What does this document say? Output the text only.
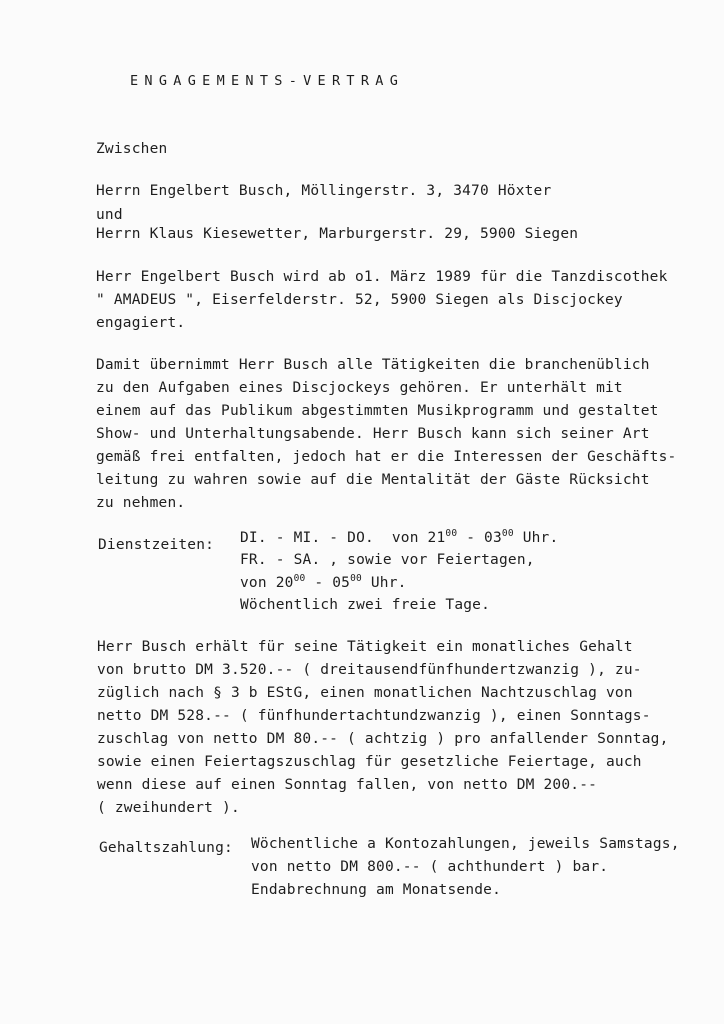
ENGAGEMENTS-VERTRAG
Zwischen
Herrn Engelbert Busch, Möllingerstr. 3, 3470 Höxter
und
Herrn Klaus Kiesewetter, Marburgerstr. 29, 5900 Siegen
Herr Engelbert Busch wird ab o1. März 1989 für die Tanzdiscothek
" AMADEUS ", Eiserfelderstr. 52, 5900 Siegen als Discjockey
engagiert.
Damit übernimmt Herr Busch alle Tätigkeiten die branchenüblich
zu den Aufgaben eines Discjockeys gehören. Er unterhält mit
einem auf das Publikum abgestimmten Musikprogramm und gestaltet
Show- und Unterhaltungsabende. Herr Busch kann sich seiner Art
gemäß frei entfalten, jedoch hat er die Interessen der Geschäfts-
leitung zu wahren sowie auf die Mentalität der Gäste Rücksicht
zu nehmen.
Dienstzeiten: DI. - MI. - DO. von $21^{00} - 03^{00}$ Uhr.
FR. - SA. , sowie vor Feiertagen,
von $20^{00} - 05^{00}$ Uhr.
Wöchentlich zwei freie Tage.
Herr Busch erhält für seine Tätigkeit ein monatliches Gehalt
von brutto DM 3.520.-- ( dreitausendfünfhundertzwanzig ), zu-
züglich nach § 3 b EStG, einen monatlichen Nachtzuschlag von
netto DM 528.-- ( fünfhundertachtundzwanzig ), einen Sonntags-
zuschlag von netto DM 80.-- ( achtzig ) pro anfallender Sonntag,
sowie einen Feiertagszuschlag für gesetzliche Feiertage, auch
wenn diese auf einen Sonntag fallen, von netto DM 200.--
( zweihundert ).
Gehaltszahlung: Wöchentliche a Kontozahlungen, jeweils Samstags,
von netto DM 800.-- ( achthundert ) bar.
Endabrechnung am Monatsende.
